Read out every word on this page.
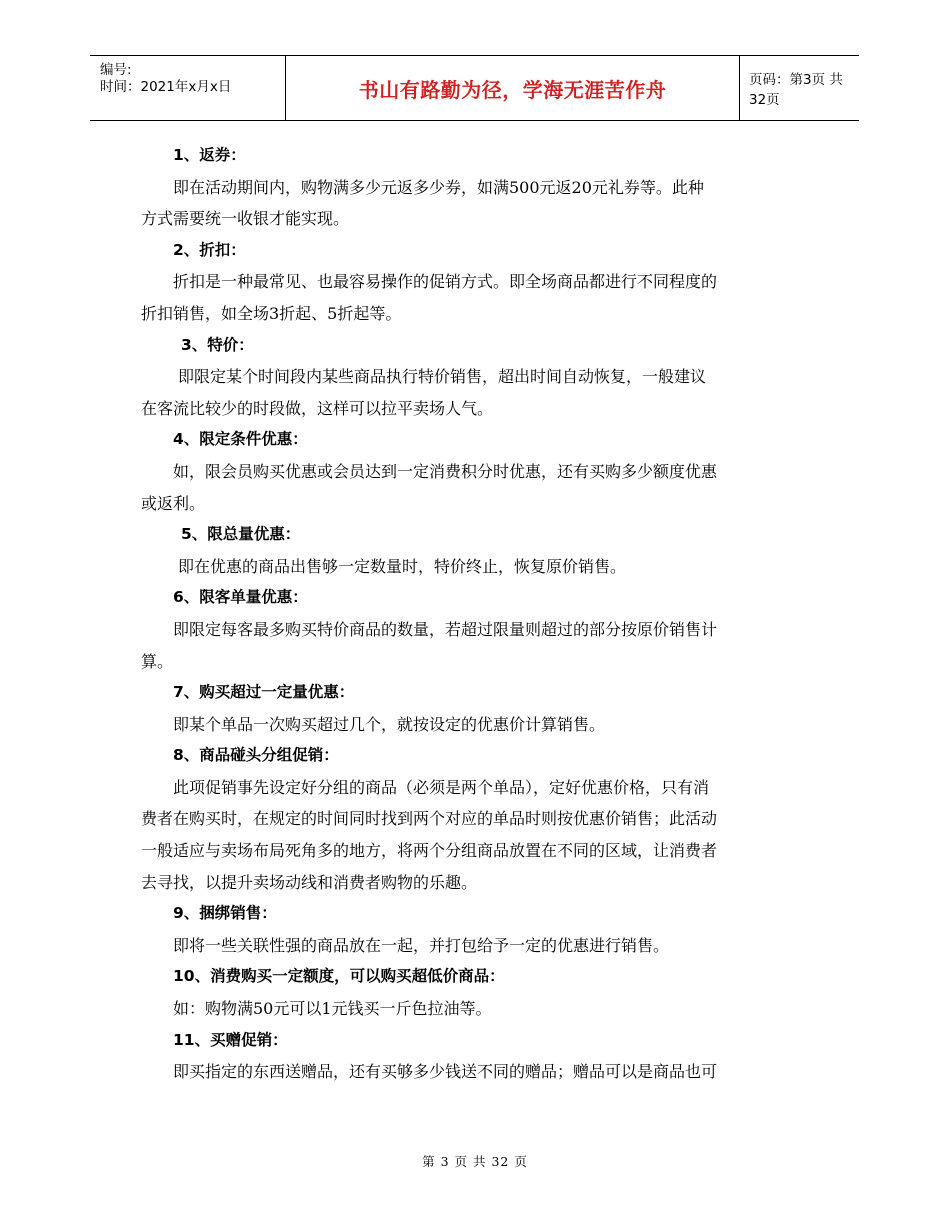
编号:
时间：2021年x月x日	书山有路勤为径，学海无涯苦作舟	页码：第3页 共32页
1、返券：
即在活动期间内，购物满多少元返多少券，如满500元返20元礼券等。此种
方式需要统一收银才能实现。
2、折扣：
折扣是一种最常见、也最容易操作的促销方式。即全场商品都进行不同程度的
折扣销售，如全场3折起、5折起等。
3、特价：
即限定某个时间段内某些商品执行特价销售，超出时间自动恢复，一般建议
在客流比较少的时段做，这样可以拉平卖场人气。
4、限定条件优惠：
如，限会员购买优惠或会员达到一定消费积分时优惠，还有买购多少额度优惠
或返利。
5、限总量优惠：
即在优惠的商品出售够一定数量时，特价终止，恢复原价销售。
6、限客单量优惠：
即限定每客最多购买特价商品的数量，若超过限量则超过的部分按原价销售计
算。
7、购买超过一定量优惠：
即某个单品一次购买超过几个，就按设定的优惠价计算销售。
8、商品碰头分组促销：
此项促销事先设定好分组的商品（必须是两个单品），定好优惠价格，只有消
费者在购买时，在规定的时间同时找到两个对应的单品时则按优惠价销售；此活动
一般适应与卖场布局死角多的地方，将两个分组商品放置在不同的区域，让消费者
去寻找，以提升卖场动线和消费者购物的乐趣。
9、捆绑销售：
即将一些关联性强的商品放在一起，并打包给予一定的优惠进行销售。
10、消费购买一定额度，可以购买超低价商品：
如：购物满50元可以1元钱买一斤色拉油等。
11、买赠促销：
即买指定的东西送赠品，还有买够多少钱送不同的赠品；赠品可以是商品也可
第 3 页 共 32 页
